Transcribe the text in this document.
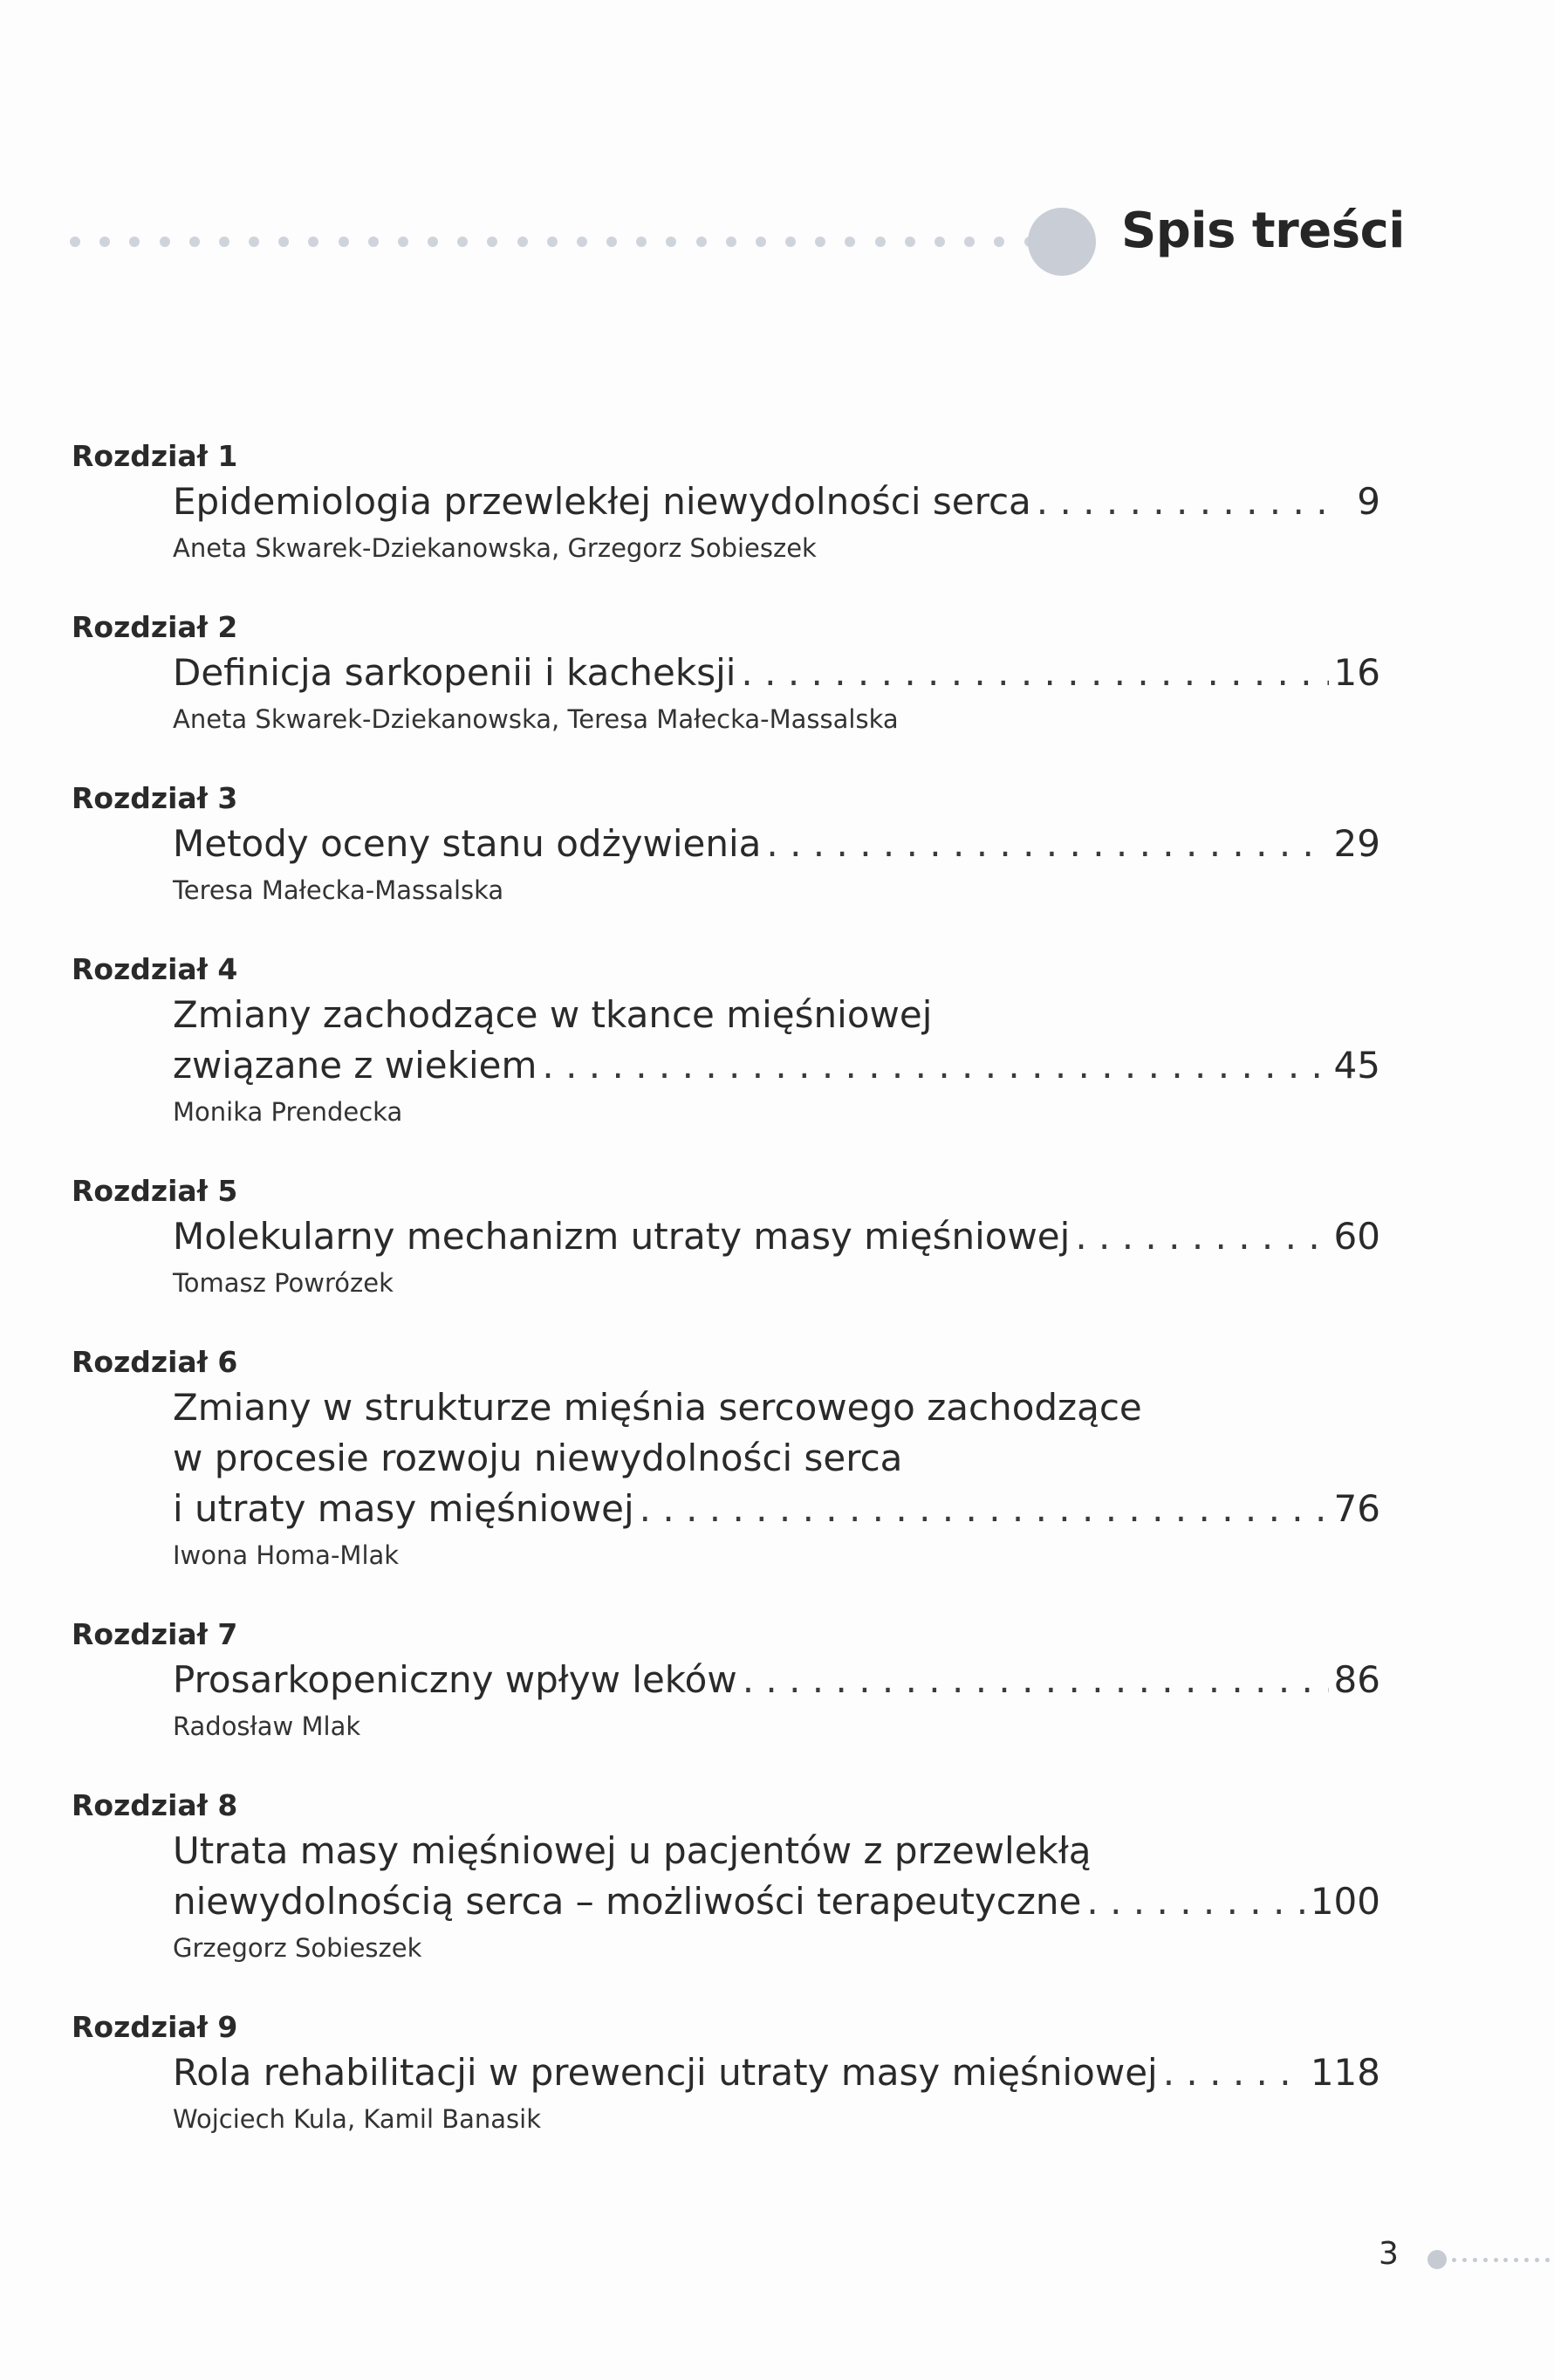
Spis treści
Rozdział 1
Epidemiologia przewlekłej niewydolności serca . . .	9
Aneta Skwarek-Dziekanowska, Grzegorz Sobieszek
Rozdział 2
Definicja sarkopenii i kacheksji . . .	16
Aneta Skwarek-Dziekanowska, Teresa Małecka-Massalska
Rozdział 3
Metody oceny stanu odżywienia . . .	29
Teresa Małecka-Massalska
Rozdział 4
Zmiany zachodzące w tkance mięśniowej
związane z wiekiem . . .	45
Monika Prendecka
Rozdział 5
Molekularny mechanizm utraty masy mięśniowej . . .	60
Tomasz Powrózek
Rozdział 6
Zmiany w strukturze mięśnia sercowego zachodzące
w procesie rozwoju niewydolności serca
i utraty masy mięśniowej . . .	76
Iwona Homa-Mlak
Rozdział 7
Prosarkopeniczny wpływ leków . . .	86
Radosław Mlak
Rozdział 8
Utrata masy mięśniowej u pacjentów z przewlekłą
niewydolnością serca – możliwości terapeutyczne . . .	100
Grzegorz Sobieszek
Rozdział 9
Rola rehabilitacji w prewencji utraty masy mięśniowej . . .	118
Wojciech Kula, Kamil Banasik
3
